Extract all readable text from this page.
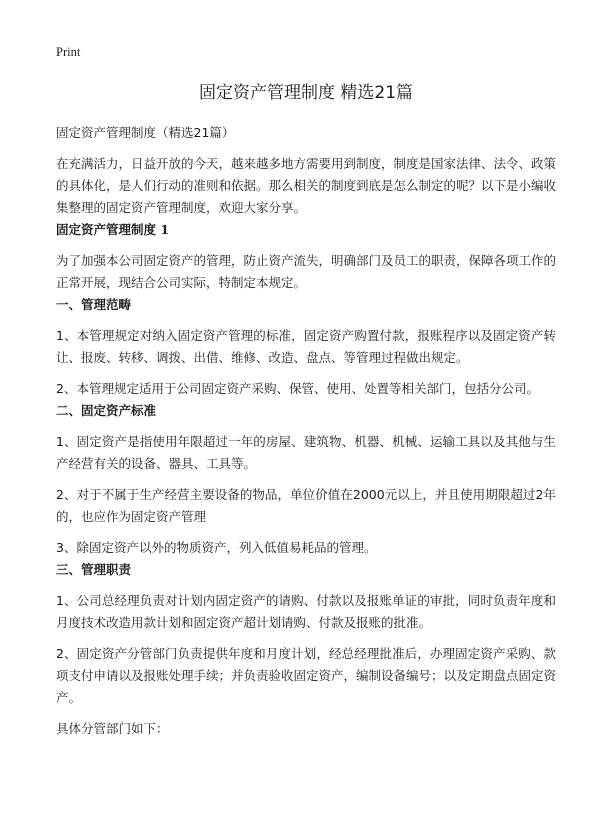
Print
固定资产管理制度 精选21篇

固定资产管理制度（精选21篇）

在充满活力，日益开放的今天，越来越多地方需要用到制度，制度是国家法律、法令、政策的具体化，是人们行动的准则和依据。那么相关的制度到底是怎么制定的呢？以下是小编收集整理的固定资产管理制度，欢迎大家分享。

固定资产管理制度 1

为了加强本公司固定资产的管理，防止资产流失，明确部门及员工的职责，保障各项工作的正常开展，现结合公司实际，特制定本规定。

一、管理范畴

1、本管理规定对纳入固定资产管理的标准，固定资产购置付款，报账程序以及固定资产转让、报废、转移、调拨、出借、维修、改造、盘点、等管理过程做出规定。

2、本管理规定适用于公司固定资产采购、保管、使用、处置等相关部门，包括分公司。

二、固定资产标准

1、固定资产是指使用年限超过一年的房屋、建筑物、机器、机械、运输工具以及其他与生产经营有关的设备、器具、工具等。

2、对于不属于生产经营主要设备的物品，单位价值在2000元以上，并且使用期限超过2年的，也应作为固定资产管理

3、除固定资产以外的物质资产，列入低值易耗品的管理。

三、管理职责

1、公司总经理负责对计划内固定资产的请购、付款以及报账单证的审批，同时负责年度和月度技术改造用款计划和固定资产超计划请购、付款及报账的批准。

2、固定资产分管部门负责提供年度和月度计划，经总经理批准后，办理固定资产采购、款项支付申请以及报账处理手续；并负责验收固定资产，编制设备编号；以及定期盘点固定资产。

具体分管部门如下：
